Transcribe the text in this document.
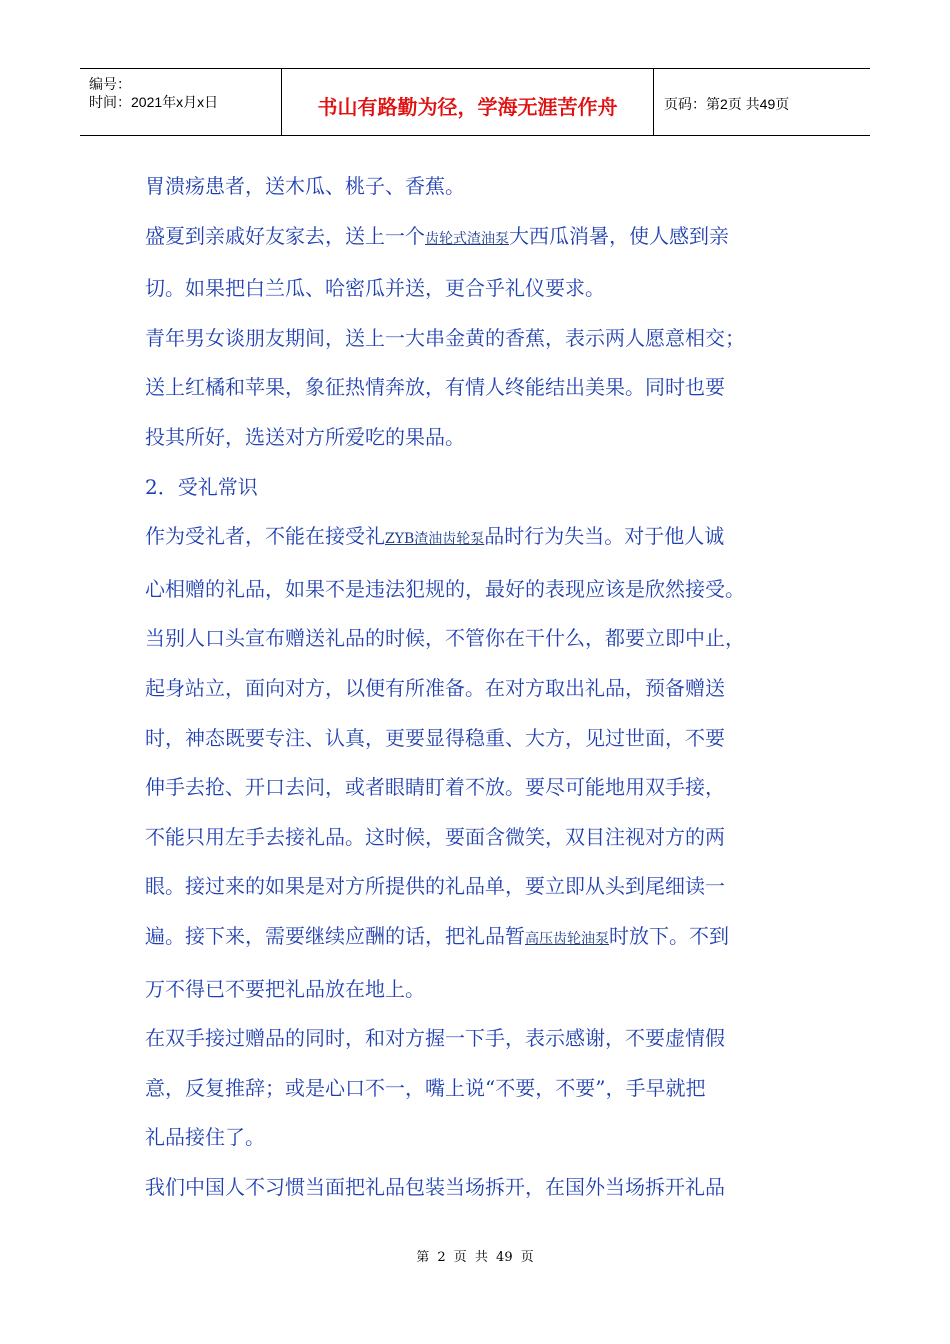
编号：
时间：2021年x月x日	书山有路勤为径，学海无涯苦作舟	页码：第2页 共49页

胃溃疡患者，送木瓜、桃子、香蕉。

盛夏到亲戚好友家去，送上一个齿轮式渣油泵大西瓜消暑，使人感到亲
切。如果把白兰瓜、哈密瓜并送，更合乎礼仪要求。

青年男女谈朋友期间，送上一大串金黄的香蕉，表示两人愿意相交；
送上红橘和苹果，象征热情奔放，有情人终能结出美果。同时也要
投其所好，选送对方所爱吃的果品。

2．受礼常识

作为受礼者，不能在接受礼ZYB渣油齿轮泵品时行为失当。对于他人诚
心相赠的礼品，如果不是违法犯规的，最好的表现应该是欣然接受。
当别人口头宣布赠送礼品的时候，不管你在干什么，都要立即中止，
起身站立，面向对方，以便有所准备。在对方取出礼品，预备赠送
时，神态既要专注、认真，更要显得稳重、大方，见过世面，不要
伸手去抢、开口去问，或者眼睛盯着不放。要尽可能地用双手接，
不能只用左手去接礼品。这时候，要面含微笑，双目注视对方的两
眼。接过来的如果是对方所提供的礼品单，要立即从头到尾细读一
遍。接下来，需要继续应酬的话，把礼品暂高压齿轮油泵时放下。不到
万不得已不要把礼品放在地上。

在双手接过赠品的同时，和对方握一下手，表示感谢，不要虚情假
意，反复推辞；或是心口不一，嘴上说“不要，不要”，手早就把
礼品接住了。

我们中国人不习惯当面把礼品包装当场拆开，在国外当场拆开礼品

第 2 页 共 49 页
